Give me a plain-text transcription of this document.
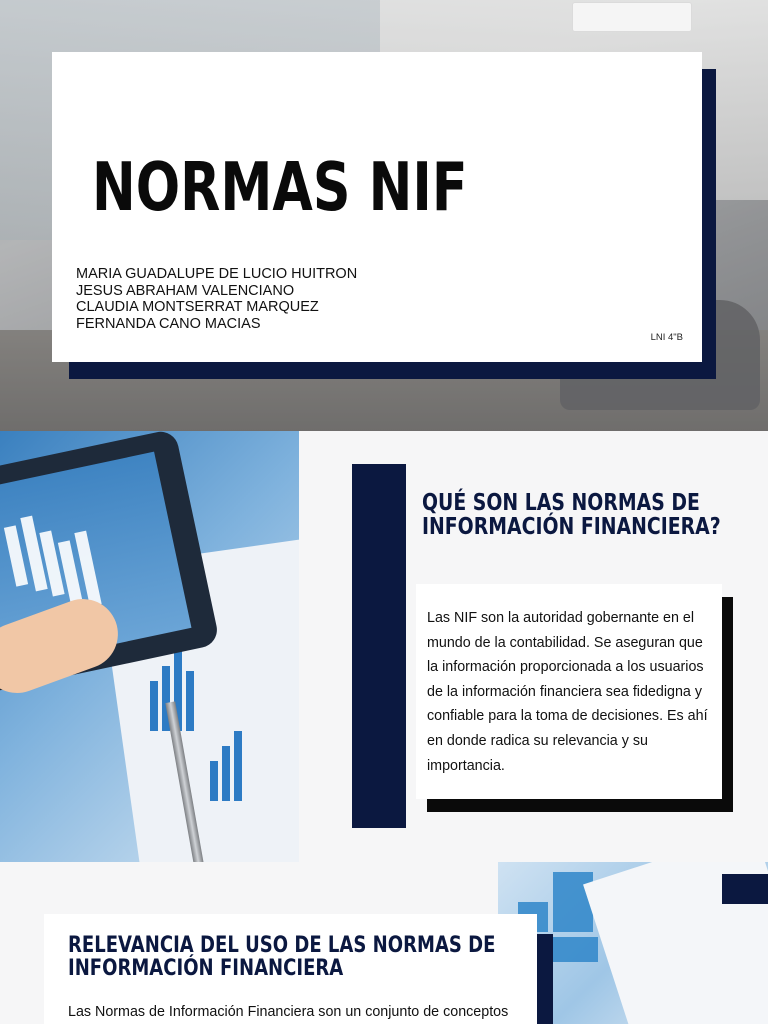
NORMAS NIF
MARIA GUADALUPE DE LUCIO HUITRON
JESUS ABRAHAM VALENCIANO
CLAUDIA MONTSERRAT MARQUEZ
FERNANDA CANO MACIAS
LNI 4"B
QUÉ SON LAS NORMAS DE
INFORMACIÓN FINANCIERA?

Las NIF son la autoridad gobernante en el mundo de la contabilidad. Se aseguran que la información proporcionada a los usuarios de la información financiera sea fidedigna y confiable para la toma de decisiones. Es ahí en donde radica su relevancia y su importancia.

RELEVANCIA DEL USO DE LAS NORMAS DE
INFORMACIÓN FINANCIERA

Las Normas de Información Financiera son un conjunto de conceptos
